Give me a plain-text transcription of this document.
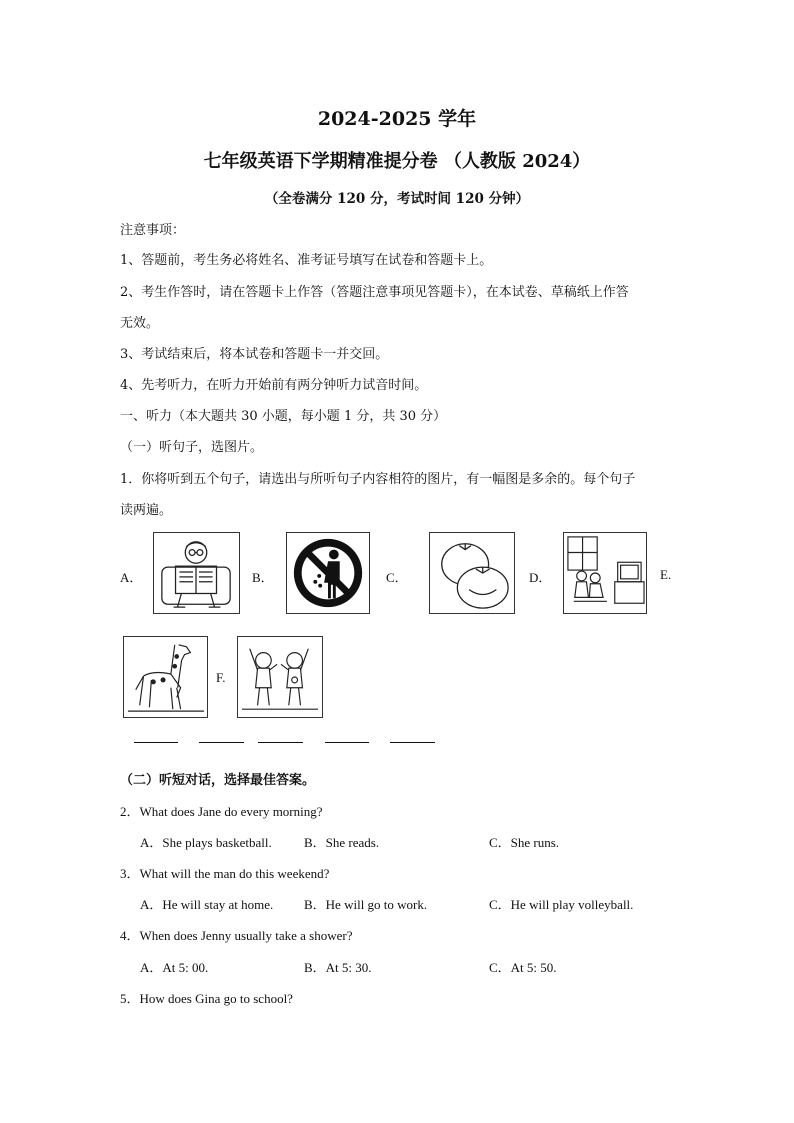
2024-2025 学年
七年级英语下学期精准提分卷 （人教版 2024）
（全卷满分 120 分，考试时间 120 分钟）
注意事项：
1、答题前，考生务必将姓名、准考证号填写在试卷和答题卡上。
2、考生作答时，请在答题卡上作答（答题注意事项见答题卡），在本试卷、草稿纸上作答
无效。
3、考试结束后，将本试卷和答题卡一并交回。
4、先考听力，在听力开始前有两分钟听力试音时间。
一、听力（本大题共 30 小题，每小题 1 分，共 30 分）
（一）听句子，选图片。
1．你将听到五个句子，请选出与所听句子内容相符的图片，有一幅图是多余的。每个句子
读两遍。
A．	B．	C．	D．	E.
F.
（二）听短对话，选择最佳答案。
2．What does Jane do every morning?
A．She plays basketball. B．She reads.	C．She runs.
3．What will the man do this weekend?
A．He will stay at home. B．He will go to work.	C．He will play volleyball.
4．When does Jenny usually take a shower?
A．At 5: 00.	B．At 5: 30.	C．At 5: 50.
5．How does Gina go to school?
